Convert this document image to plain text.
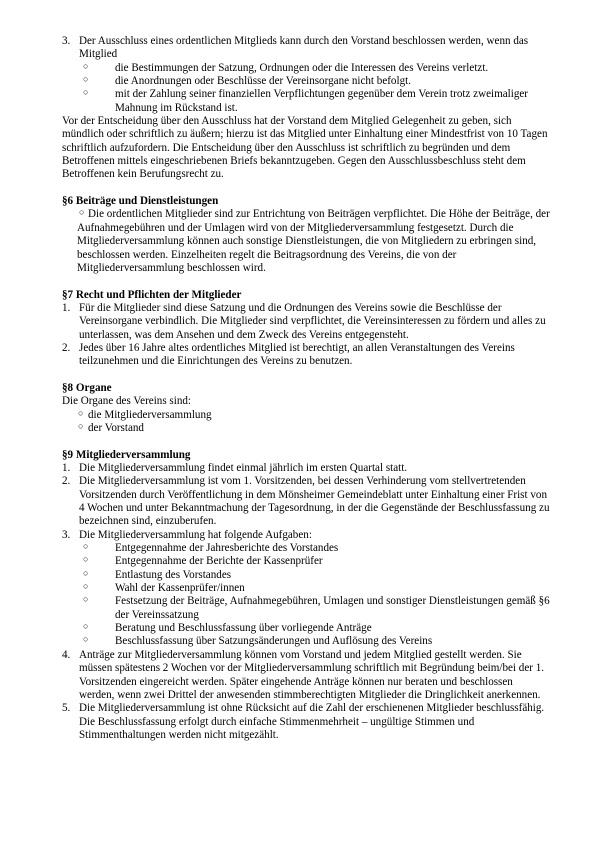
3. Der Ausschluss eines ordentlichen Mitglieds kann durch den Vorstand beschlossen werden, wenn das Mitglied
○ die Bestimmungen der Satzung, Ordnungen oder die Interessen des Vereins verletzt.
○ die Anordnungen oder Beschlüsse der Vereinsorgane nicht befolgt.
○ mit der Zahlung seiner finanziellen Verpflichtungen gegenüber dem Verein trotz zweimaliger Mahnung im Rückstand ist.

Vor der Entscheidung über den Ausschluss hat der Vorstand dem Mitglied Gelegenheit zu geben, sich mündlich oder schriftlich zu äußern; hierzu ist das Mitglied unter Einhaltung einer Mindestfrist von 10 Tagen schriftlich aufzufordern. Die Entscheidung über den Ausschluss ist schriftlich zu begründen und dem Betroffenen mittels eingeschriebenen Briefs bekanntzugeben. Gegen den Ausschlussbeschluss steht dem Betroffenen kein Berufungsrecht zu.

§6 Beiträge und Dienstleistungen

○ Die ordentlichen Mitglieder sind zur Entrichtung von Beiträgen verpflichtet. Die Höhe der Beiträge, der Aufnahmegebühren und der Umlagen wird von der Mitgliederversammlung festgesetzt. Durch die Mitgliederversammlung können auch sonstige Dienstleistungen, die von Mitgliedern zu erbringen sind, beschlossen werden. Einzelheiten regelt die Beitragsordnung des Vereins, die von der Mitgliederversammlung beschlossen wird.

§7 Recht und Pflichten der Mitglieder

1. Für die Mitglieder sind diese Satzung und die Ordnungen des Vereins sowie die Beschlüsse der Vereinsorgane verbindlich. Die Mitglieder sind verpflichtet, die Vereinsinteressen zu fördern und alles zu unterlassen, was dem Ansehen und dem Zweck des Vereins entgegensteht.
2. Jedes über 16 Jahre altes ordentliches Mitglied ist berechtigt, an allen Veranstaltungen des Vereins teilzunehmen und die Einrichtungen des Vereins zu benutzen.

§8 Organe

Die Organe des Vereins sind:

○ die Mitgliederversammlung
○ der Vorstand

§9 Mitgliederversammlung

1. Die Mitgliederversammlung findet einmal jährlich im ersten Quartal statt.
2. Die Mitgliederversammlung ist vom 1. Vorsitzenden, bei dessen Verhinderung vom stellvertretenden Vorsitzenden durch Veröffentlichung in dem Mönsheimer Gemeindeblatt unter Einhaltung einer Frist von 4 Wochen und unter Bekanntmachung der Tagesordnung, in der die Gegenstände der Beschlussfassung zu bezeichnen sind, einzuberufen.
3. Die Mitgliederversammlung hat folgende Aufgaben:
○ Entgegennahme der Jahresberichte des Vorstandes
○ Entgegennahme der Berichte der Kassenprüfer
○ Entlastung des Vorstandes
○ Wahl der Kassenprüfer/innen
○ Festsetzung der Beiträge, Aufnahmegebühren, Umlagen und sonstiger Dienstleistungen gemäß §6 der Vereinssatzung
○ Beratung und Beschlussfassung über vorliegende Anträge
○ Beschlussfassung über Satzungsänderungen und Auflösung des Vereins
4. Anträge zur Mitgliederversammlung können vom Vorstand und jedem Mitglied gestellt werden. Sie müssen spätestens 2 Wochen vor der Mitgliederversammlung schriftlich mit Begründung beim/bei der 1. Vorsitzenden eingereicht werden. Später eingehende Anträge können nur beraten und beschlossen werden, wenn zwei Drittel der anwesenden stimmberechtigten Mitglieder die Dringlichkeit anerkennen.
5. Die Mitgliederversammlung ist ohne Rücksicht auf die Zahl der erschienenen Mitglieder beschlussfähig. Die Beschlussfassung erfolgt durch einfache Stimmenmehrheit – ungültige Stimmen und Stimmenthaltungen werden nicht mitgezählt.
